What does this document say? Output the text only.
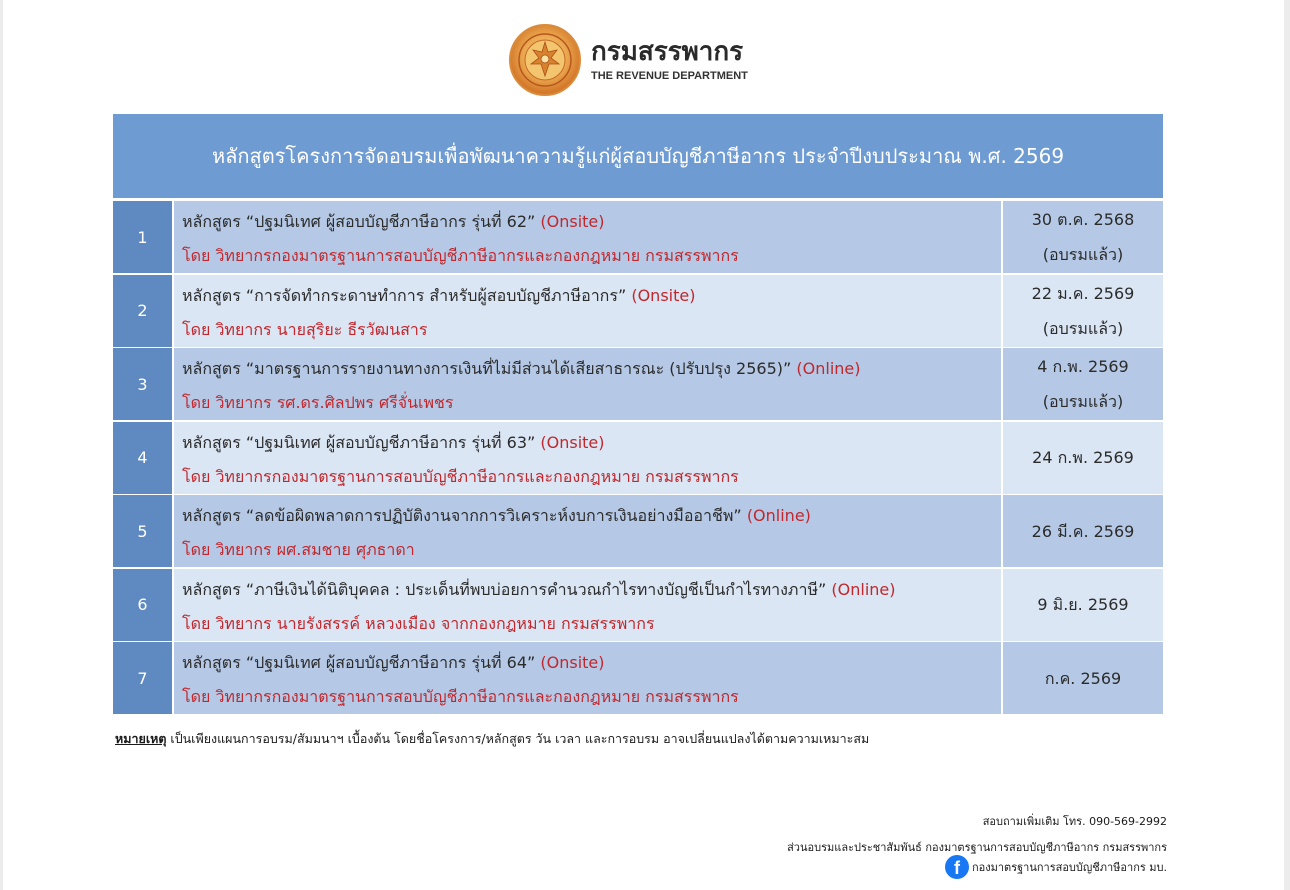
กรมสรรพากร
THE REVENUE DEPARTMENT
หลักสูตรโครงการจัดอบรมเพื่อพัฒนาความรู้แก่ผู้สอบบัญชีภาษีอากร ประจำปีงบประมาณ พ.ศ. 2569
1
หลักสูตร “ปฐมนิเทศ ผู้สอบบัญชีภาษีอากร รุ่นที่ 62” (Onsite)
โดย วิทยากรกองมาตรฐานการสอบบัญชีภาษีอากรและกองกฎหมาย กรมสรรพากร
30 ต.ค. 2568
(อบรมแล้ว)
2
หลักสูตร “การจัดทำกระดาษทำการ สำหรับผู้สอบบัญชีภาษีอากร” (Onsite)
โดย วิทยากร นายสุริยะ ธีรวัฒนสาร
22 ม.ค. 2569
(อบรมแล้ว)
3
หลักสูตร “มาตรฐานการรายงานทางการเงินที่ไม่มีส่วนได้เสียสาธารณะ (ปรับปรุง 2565)” (Online)
โดย วิทยากร รศ.ดร.ศิลปพร ศรีจั่นเพชร
4 ก.พ. 2569
(อบรมแล้ว)
4
หลักสูตร “ปฐมนิเทศ ผู้สอบบัญชีภาษีอากร รุ่นที่ 63” (Onsite)
โดย วิทยากรกองมาตรฐานการสอบบัญชีภาษีอากรและกองกฎหมาย กรมสรรพากร
24 ก.พ. 2569
5
หลักสูตร “ลดข้อผิดพลาดการปฏิบัติงานจากการวิเคราะห์งบการเงินอย่างมืออาชีพ” (Online)
โดย วิทยากร ผศ.สมชาย ศุภธาดา
26 มี.ค. 2569
6
หลักสูตร “ภาษีเงินได้นิติบุคคล : ประเด็นที่พบบ่อยการคำนวณกำไรทางบัญชีเป็นกำไรทางภาษี” (Online)
โดย วิทยากร นายรังสรรค์ หลวงเมือง จากกองกฎหมาย กรมสรรพากร
9 มิ.ย. 2569
7
หลักสูตร “ปฐมนิเทศ ผู้สอบบัญชีภาษีอากร รุ่นที่ 64” (Onsite)
โดย วิทยากรกองมาตรฐานการสอบบัญชีภาษีอากรและกองกฎหมาย กรมสรรพากร
ก.ค. 2569
หมายเหตุ เป็นเพียงแผนการอบรม/สัมมนาฯ เบื้องต้น โดยชื่อโครงการ/หลักสูตร วัน เวลา และการอบรม อาจเปลี่ยนแปลงได้ตามความเหมาะสม
สอบถามเพิ่มเติม โทร. 090-569-2992
ส่วนอบรมและประชาสัมพันธ์ กองมาตรฐานการสอบบัญชีภาษีอากร กรมสรรพากร
f	กองมาตรฐานการสอบบัญชีภาษีอากร มบ.
